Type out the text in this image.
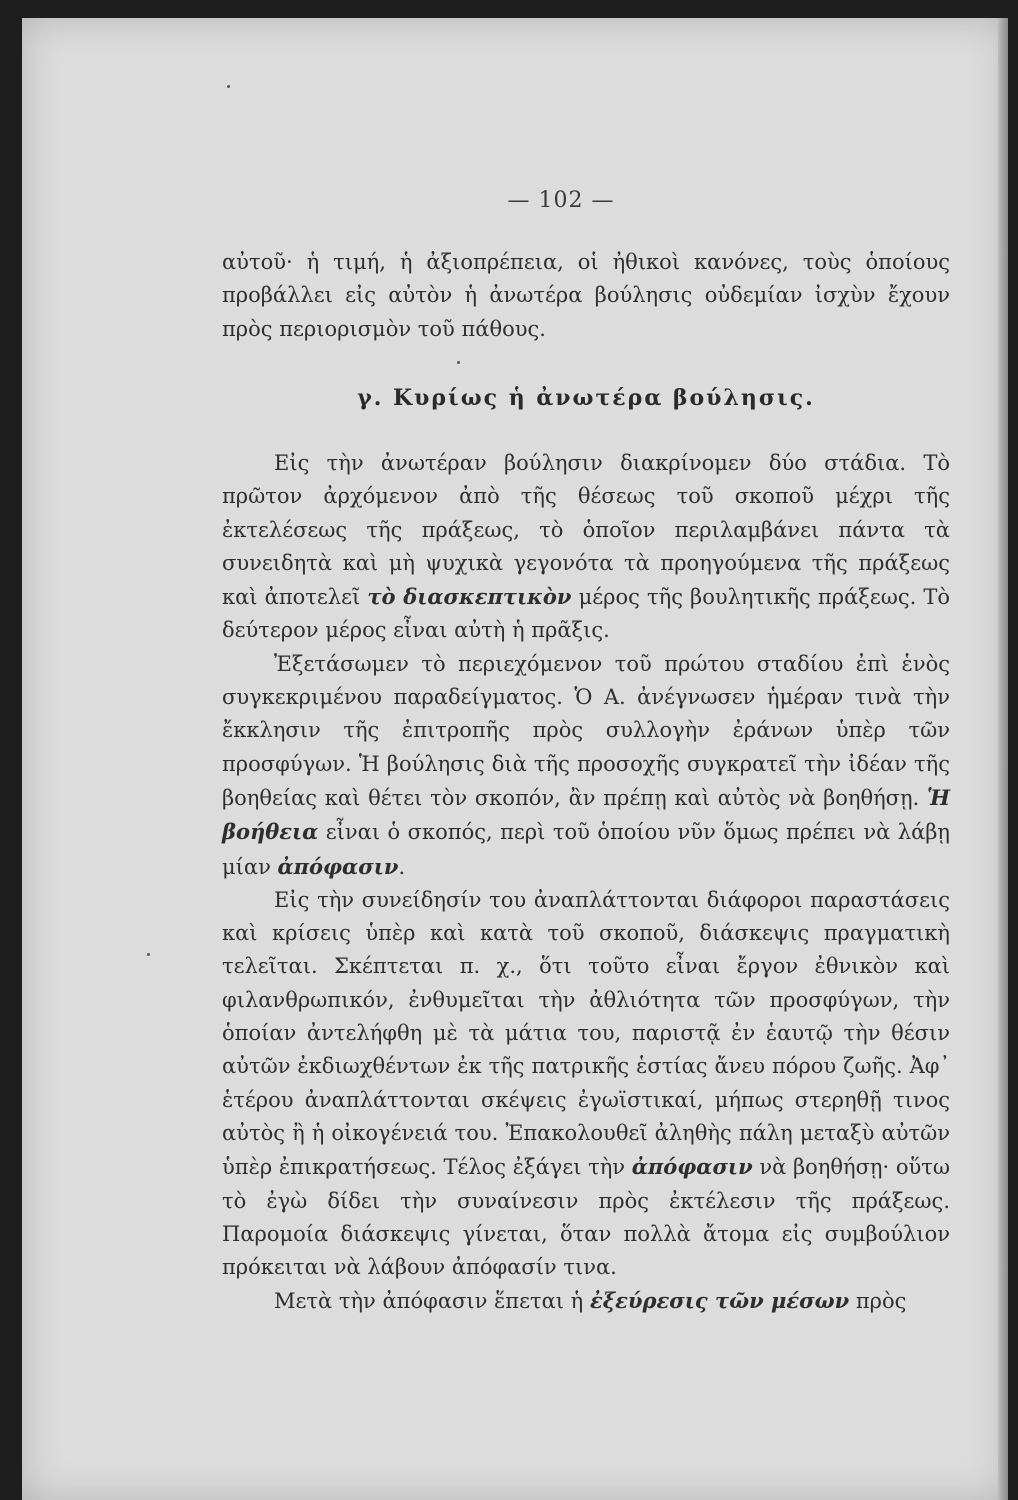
— 102 —

αὐτοῦ· ἡ τιμή, ἡ ἀξιοπρέπεια, οἱ ἠθικοὶ κανόνες, τοὺς ὁποίους προβάλλει εἰς αὐτὸν ἡ ἀνωτέρα βούλησις οὐδεμίαν ἰσχὺν ἔχουν πρὸς περιορισμὸν τοῦ πάθους.

γ. Κυρίως ἡ ἀνωτέρα βούλησις.

Εἰς τὴν ἀνωτέραν βούλησιν διακρίνομεν δύο στάδια. Τὸ πρῶτον ἀρχόμενον ἀπὸ τῆς θέσεως τοῦ σκοποῦ μέχρι τῆς ἐκτελέσεως τῆς πράξεως, τὸ ὁποῖον περιλαμβάνει πάντα τὰ συνειδητὰ καὶ μὴ ψυχικὰ γεγονότα τὰ προηγούμενα τῆς πράξεως καὶ ἀποτελεῖ τὸ διασκεπτικὸν μέρος τῆς βουλητικῆς πράξεως. Τὸ δεύτερον μέρος εἶναι αὐτὴ ἡ πρᾶξις.

Ἐξετάσωμεν τὸ περιεχόμενον τοῦ πρώτου σταδίου ἐπὶ ἑνὸς συγκεκριμένου παραδείγματος. Ὁ Α. ἀνέγνωσεν ἡμέραν τινὰ τὴν ἔκκλησιν τῆς ἐπιτροπῆς πρὸς συλλογὴν ἐράνων ὑπὲρ τῶν προσφύγων. Ἡ βούλησις διὰ τῆς προσοχῆς συγκρατεῖ τὴν ἰδέαν τῆς βοηθείας καὶ θέτει τὸν σκοπόν, ἂν πρέπῃ καὶ αὐτὸς νὰ βοηθήσῃ. Ἡ βοήθεια εἶναι ὁ σκοπός, περὶ τοῦ ὁποίου νῦν ὅμως πρέπει νὰ λάβῃ μίαν ἀπόφασιν.

Εἰς τὴν συνείδησίν του ἀναπλάττονται διάφοροι παραστάσεις καὶ κρίσεις ὑπὲρ καὶ κατὰ τοῦ σκοποῦ, διάσκεψις πραγματικὴ τελεῖται. Σκέπτεται π. χ., ὅτι τοῦτο εἶναι ἔργον ἐθνικὸν καὶ φιλανθρωπικόν, ἐνθυμεῖται τὴν ἀθλιότητα τῶν προσφύγων, τὴν ὁποίαν ἀντελήφθη μὲ τὰ μάτια του, παριστᾷ ἐν ἑαυτῷ τὴν θέσιν αὐτῶν ἐκδιωχθέντων ἐκ τῆς πατρικῆς ἑστίας ἄνευ πόρου ζωῆς. Ἀφ᾽ ἑτέρου ἀναπλάττονται σκέψεις ἐγωϊστικαί, μήπως στερηθῇ τινος αὐτὸς ἢ ἡ οἰκογένειά του. Ἐπακολουθεῖ ἀληθὴς πάλη μεταξὺ αὐτῶν ὑπὲρ ἐπικρατήσεως. Τέλος ἐξάγει τὴν ἀπόφασιν νὰ βοηθήσῃ· οὕτω τὸ ἐγὼ δίδει τὴν συναίνεσιν πρὸς ἐκτέλεσιν τῆς πράξεως. Παρομοία διάσκεψις γίνεται, ὅταν πολλὰ ἄτομα εἰς συμβούλιον πρόκειται νὰ λάβουν ἀπόφασίν τινα.

Μετὰ τὴν ἀπόφασιν ἕπεται ἡ ἐξεύρεσις τῶν μέσων πρὸς
